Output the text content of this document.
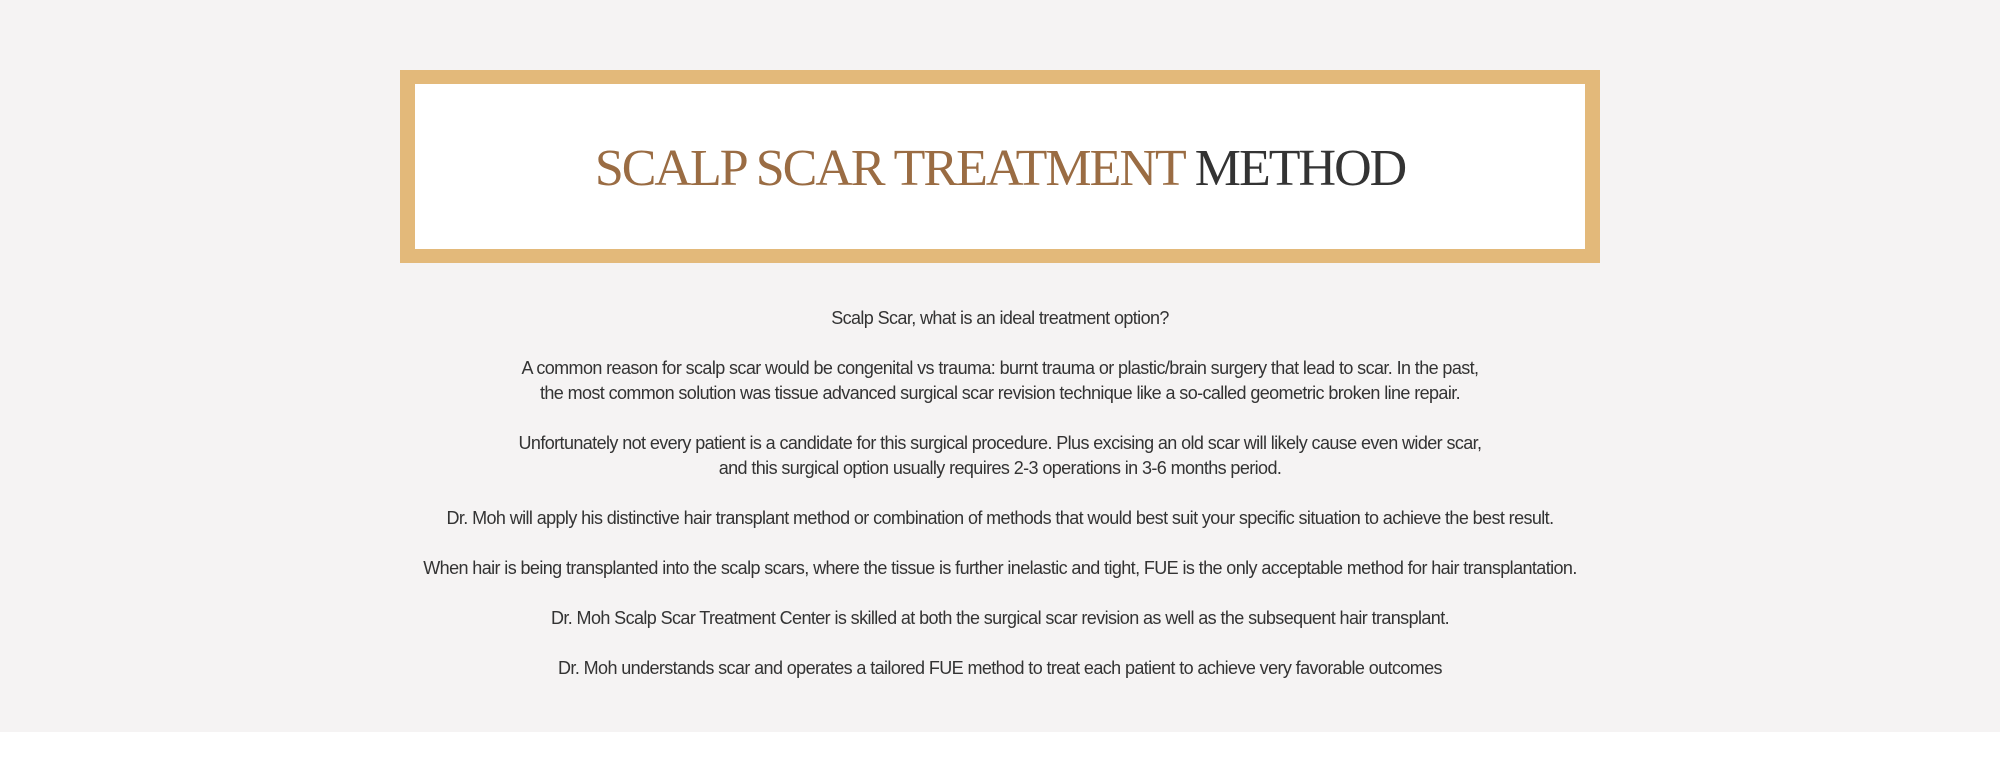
SCALP SCAR TREATMENT METHOD

Scalp Scar, what is an ideal treatment option?

A common reason for scalp scar would be congenital vs trauma: burnt trauma or plastic/brain surgery that lead to scar. In the past,
the most common solution was tissue advanced surgical scar revision technique like a so-called geometric broken line repair.

Unfortunately not every patient is a candidate for this surgical procedure. Plus excising an old scar will likely cause even wider scar,
and this surgical option usually requires 2-3 operations in 3-6 months period.

Dr. Moh will apply his distinctive hair transplant method or combination of methods that would best suit your specific situation to achieve the best result.

When hair is being transplanted into the scalp scars, where the tissue is further inelastic and tight, FUE is the only acceptable method for hair transplantation.

Dr. Moh Scalp Scar Treatment Center is skilled at both the surgical scar revision as well as the subsequent hair transplant.

Dr. Moh understands scar and operates a tailored FUE method to treat each patient to achieve very favorable outcomes
